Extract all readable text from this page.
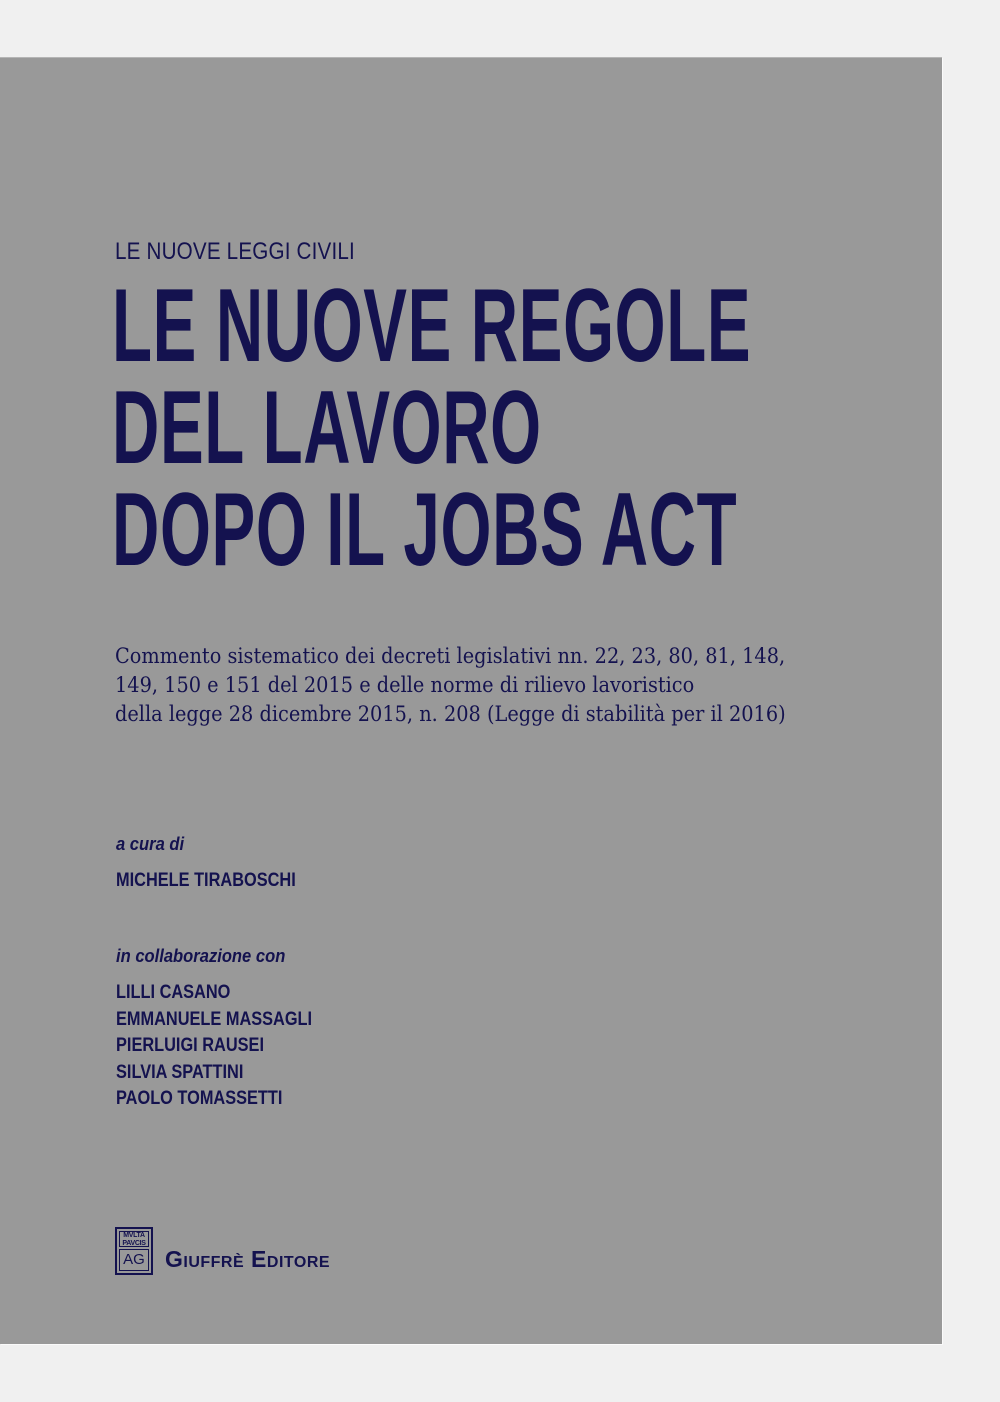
LE NUOVE LEGGI CIVILI
LE NUOVE REGOLE
DEL LAVORO
DOPO IL JOBS ACT
Commento sistematico dei decreti legislativi nn. 22, 23, 80, 81, 148,
149, 150 e 151 del 2015 e delle norme di rilievo lavoristico
della legge 28 dicembre 2015, n. 208 (Legge di stabilità per il 2016)
a cura di
MICHELE TIRABOSCHI
in collaborazione con
LILLI CASANO
EMMANUELE MASSAGLI
PIERLUIGI RAUSEI
SILVIA SPATTINI
PAOLO TOMASSETTI
MVLTA
PAVCIS
AG Giuffrè Editore
